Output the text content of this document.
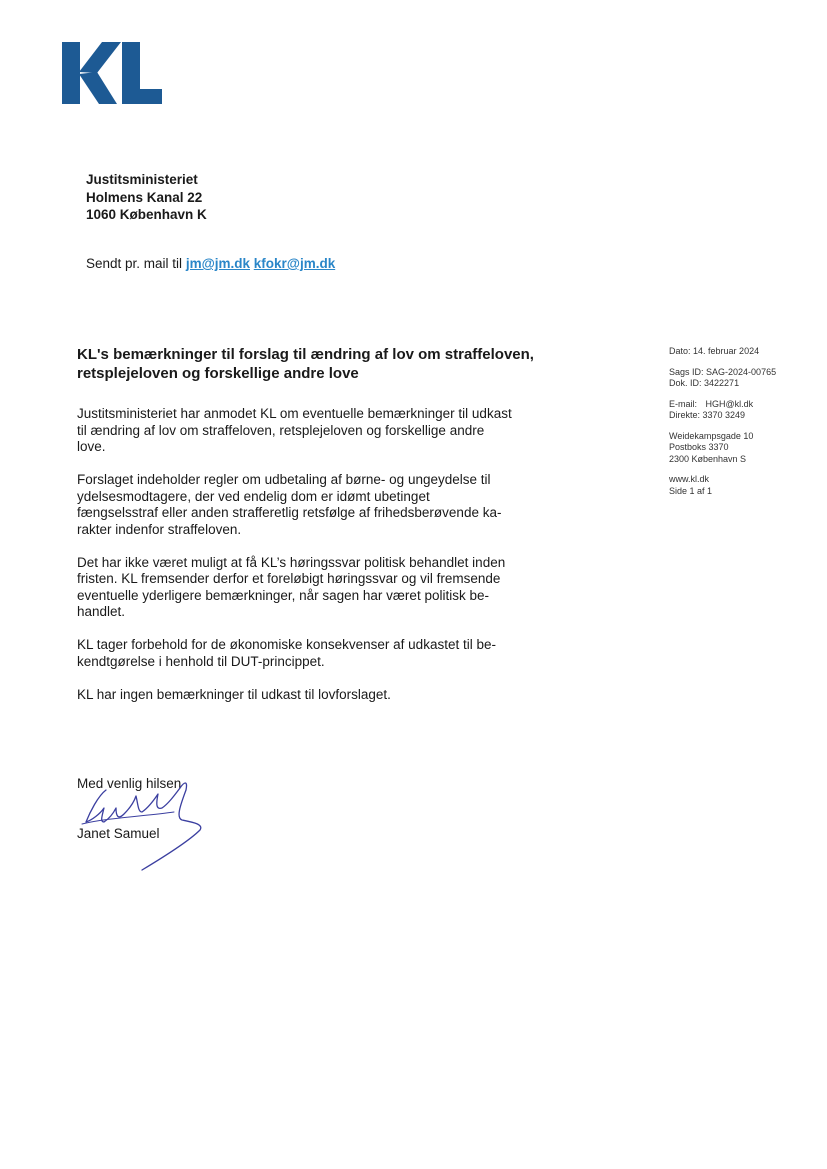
Justitsministeriet
Holmens Kanal 22
1060 København K
Sendt pr. mail til jm@jm.dk kfokr@jm.dk
KL's bemærkninger til forslag til ændring af lov om straffeloven,
retsplejeloven og forskellige andre love

Justitsministeriet har anmodet KL om eventuelle bemærkninger til udkast
til ændring af lov om straffeloven, retsplejeloven og forskellige andre
love.

Forslaget indeholder regler om udbetaling af børne- og ungeydelse til
ydelsesmodtagere, der ved endelig dom er idømt ubetinget
fængselsstraf eller anden strafferetlig retsfølge af frihedsberøvende ka-
rakter indenfor straffeloven.

Det har ikke været muligt at få KL’s høringssvar politisk behandlet inden
fristen. KL fremsender derfor et foreløbigt høringssvar og vil fremsende
eventuelle yderligere bemærkninger, når sagen har været politisk be-
handlet.

KL tager forbehold for de økonomiske konsekvenser af udkastet til be-
kendtgørelse i henhold til DUT-princippet.

KL har ingen bemærkninger til udkast til lovforslaget.

Med venlig hilsen
Janet Samuel
Dato: 14. februar 2024
Sags ID: SAG-2024-00765
Dok. ID: 3422271
E-mail: HGH@kl.dk
Direkte: 3370 3249
Weidekampsgade 10
Postboks 3370
2300 København S
www.kl.dk
Side 1 af 1
